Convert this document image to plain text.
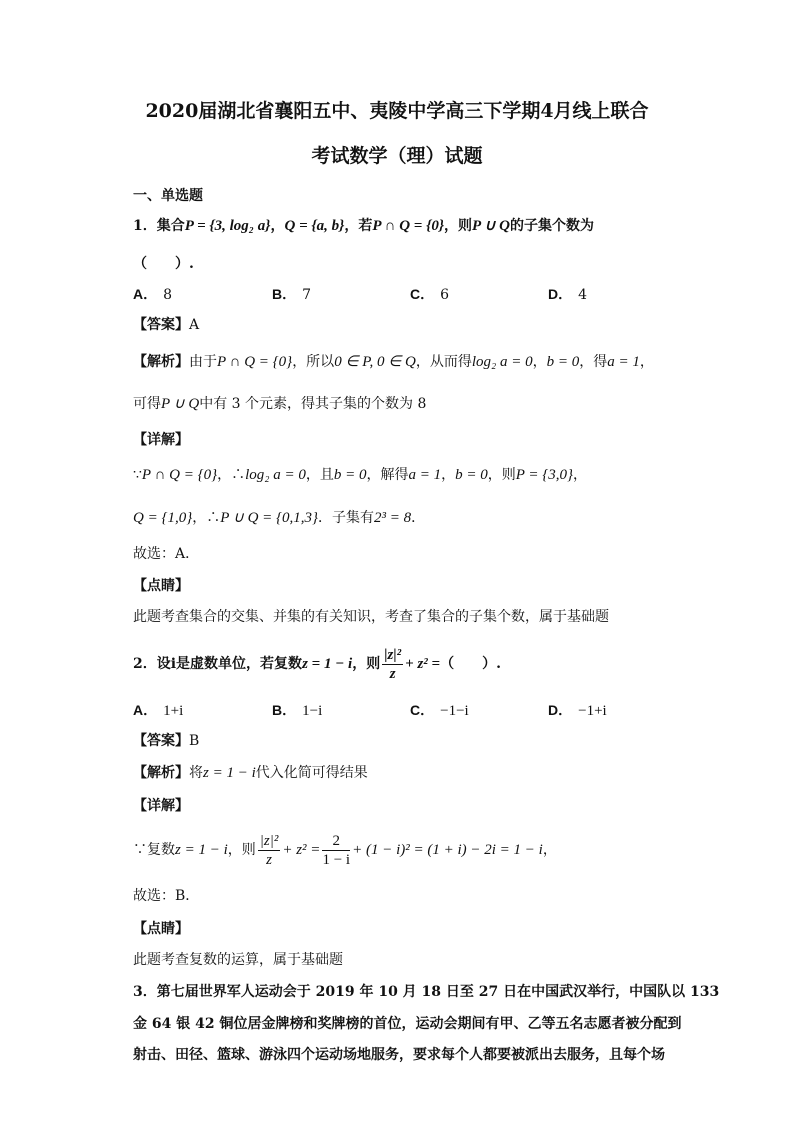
2020届湖北省襄阳五中、夷陵中学高三下学期4月线上联合
考试数学（理）试题
一、单选题
1．集合P = {3, log₂ a}，Q = {a, b}，若P ∩ Q = {0}，则P ∪ Q的子集个数为
（　　）.
A． 8	B． 7	C． 6	D． 4
【答案】A
【解析】由于P ∩ Q = {0}，所以0 ∈ P, 0 ∈ Q，从而得log₂ a = 0，b = 0，得a = 1，
可得P ∪ Q中有 3 个元素，得其子集的个数为 8
【详解】
∵P ∩ Q = {0}，∴log₂ a = 0，且b = 0，解得a = 1，b = 0，则P = {3,0}，
Q = {1,0}，∴P ∪ Q = {0,1,3}．子集有2³ = 8．
故选：A．
【点睛】
此题考查集合的交集、并集的有关知识，考查了集合的子集个数，属于基础题
2．设i是虚数单位，若复数z = 1 − i，则 $\frac{\text{|z|²}}{z} + z^2$ =（　　）.
A． 1+i	B． 1−i	C． −1−i	D． −1+i
【答案】B
【解析】将z = 1 − i代入化简可得结果
【详解】
∵复数z = 1 − i，则 $\frac{\text{|z|²}}{z} + z^2 = \frac{2}{1 - i} + (1 - i)^2 = (1 + i) - 2i = 1 - i$，
故选：B．
【点睛】
此题考查复数的运算，属于基础题
3．第七届世界军人运动会于 2019 年 10 月 18 日至 27 日在中国武汉举行，中国队以 133
金 64 银 42 铜位居金牌榜和奖牌榜的首位，运动会期间有甲、乙等五名志愿者被分配到
射击、田径、篮球、游泳四个运动场地服务，要求每个人都要被派出去服务，且每个场
